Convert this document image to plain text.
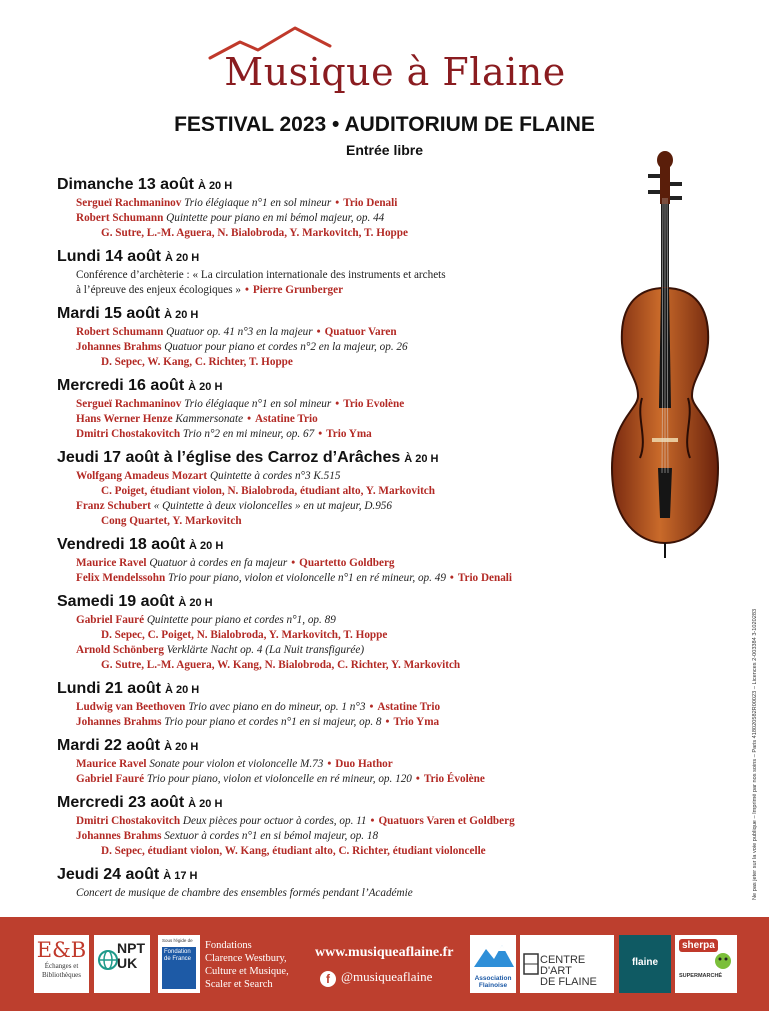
Musique à Flaine
FESTIVAL 2023 • AUDITORIUM DE FLAINE
Entrée libre
Dimanche 13 août À 20 H
Sergueï Rachmaninov Trio élégiaque n°1 en sol mineur • Trio Denali
Robert Schumann Quintette pour piano en mi bémol majeur, op. 44
G. Sutre, L.-M. Aguera, N. Bialobroda, Y. Markovitch, T. Hoppe
Lundi 14 août À 20 H
Conférence d’archèterie : « La circulation internationale des instruments et archets
à l’épreuve des enjeux écologiques » • Pierre Grunberger
Mardi 15 août À 20 H
Robert Schumann Quatuor op. 41 n°3 en la majeur • Quatuor Varen
Johannes Brahms Quatuor pour piano et cordes n°2 en la majeur, op. 26
D. Sepec, W. Kang, C. Richter, T. Hoppe
Mercredi 16 août À 20 H
Sergueï Rachmaninov Trio élégiaque n°1 en sol mineur • Trio Evolène
Hans Werner Henze Kammersonate • Astatine Trio
Dmitri Chostakovitch Trio n°2 en mi mineur, op. 67 • Trio Yma
Jeudi 17 août à l’église des Carroz d’Arâches À 20 H
Wolfgang Amadeus Mozart Quintette à cordes n°3 K.515
C. Poiget, étudiant violon, N. Bialobroda, étudiant alto, Y. Markovitch
Franz Schubert « Quintette à deux violoncelles » en ut majeur, D.956
Cong Quartet, Y. Markovitch
Vendredi 18 août À 20 H
Maurice Ravel Quatuor à cordes en fa majeur • Quartetto Goldberg
Felix Mendelssohn Trio pour piano, violon et violoncelle n°1 en ré mineur, op. 49 • Trio Denali
Samedi 19 août À 20 H
Gabriel Fauré Quintette pour piano et cordes n°1, op. 89
D. Sepec, C. Poiget, N. Bialobroda, Y. Markovitch, T. Hoppe
Arnold Schönberg Verklärte Nacht op. 4 (La Nuit transfigurée)
G. Sutre, L.-M. Aguera, W. Kang, N. Bialobroda, C. Richter, Y. Markovitch
Lundi 21 août À 20 H
Ludwig van Beethoven Trio avec piano en do mineur, op. 1 n°3 • Astatine Trio
Johannes Brahms Trio pour piano et cordes n°1 en si majeur, op. 8 • Trio Yma
Mardi 22 août À 20 H
Maurice Ravel Sonate pour violon et violoncelle M.73 • Duo Hathor
Gabriel Fauré Trio pour piano, violon et violoncelle en ré mineur, op. 120 • Trio Évolène
Mercredi 23 août À 20 H
Dmitri Chostakovitch Deux pièces pour octuor à cordes, op. 11 • Quatuors Varen et Goldberg
Johannes Brahms Sextuor à cordes n°1 en si bémol majeur, op. 18
D. Sepec, étudiant violon, W. Kang, étudiant alto, C. Richter, étudiant violoncelle
Jeudi 24 août À 17 H
Concert de musique de chambre des ensembles formés pendant l’Académie	Ne pas jeter sur la voie publique – Imprimé par nos soins – Paris 418020582R00023 – Licences 2-003384 3-1020283
E&B
Échanges et Bibliothèques
NPT
UK
Sous l'égide de
Fondation de France
Fondations
Clarence Westbury,
Culture et Musique,
Scaler et Search
www.musiqueaflaine.fr
f @musiqueaflaine	Association Flainoise
CENTRE D'ART
DE FLAINE
flaine
sherpa
SUPERMARCHÉ
